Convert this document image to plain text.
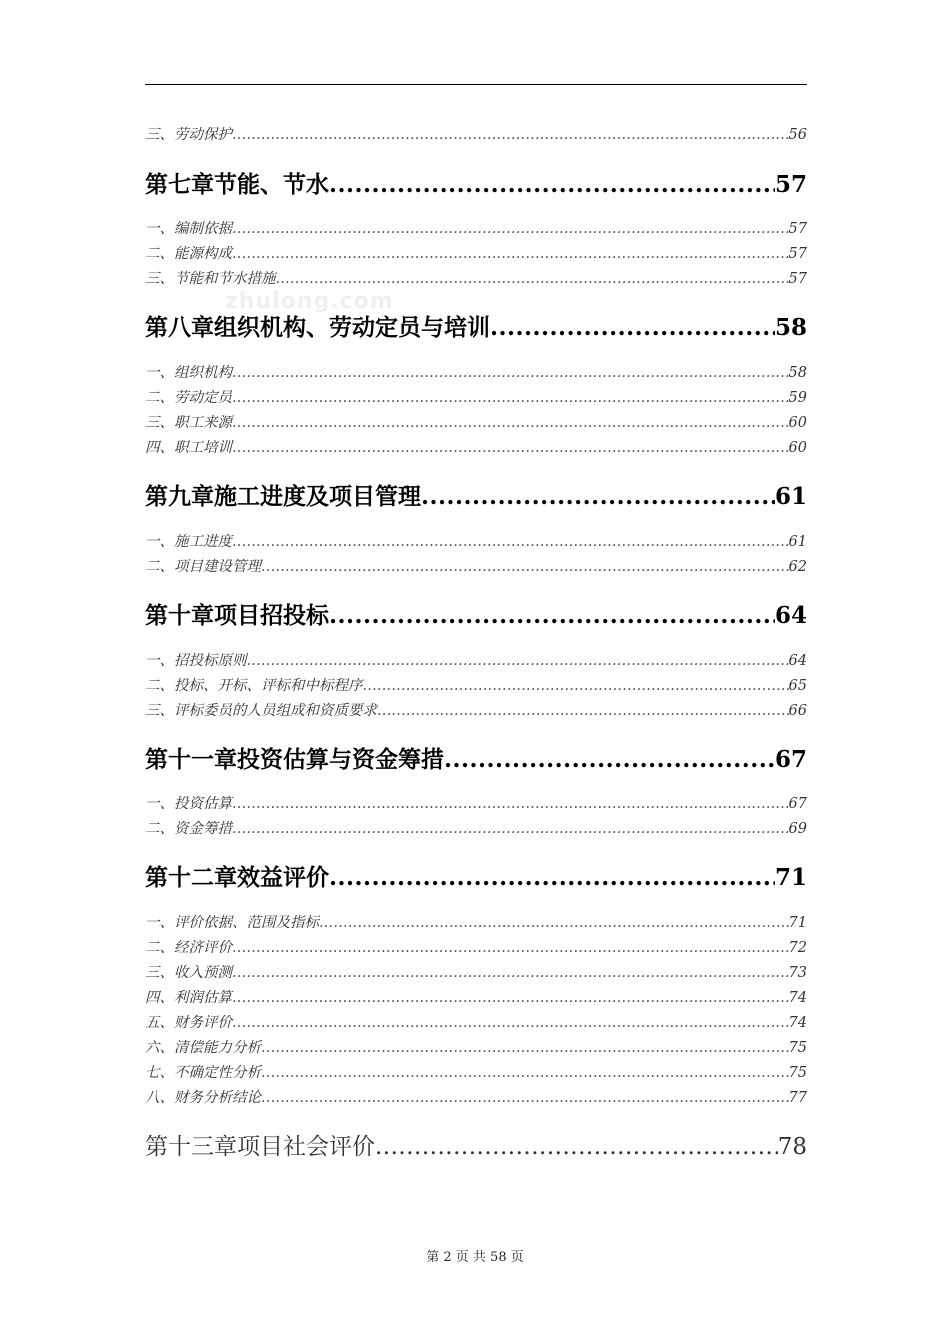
zhulong.com
三、劳动保护 .....	56
第七章节能、节水 .....	57
一、编制依据 .....	57
二、能源构成 .....	57
三、节能和节水措施 .....	57
第八章组织机构、劳动定员与培训 .....	58
一、组织机构 .....	58
二、劳动定员 .....	59
三、职工来源 .....	60
四、职工培训 .....	60
第九章施工进度及项目管理 .....	61
一、施工进度 .....	61
二、项目建设管理 .....	62
第十章项目招投标 .....	64
一、招投标原则 .....	64
二、投标、开标、评标和中标程序 .....	65
三、评标委员的人员组成和资质要求 .....	66
第十一章投资估算与资金筹措 .....	67
一、投资估算 .....	67
二、资金筹措 .....	69
第十二章效益评价 .....	71
一、评价依据、范围及指标 .....	71
二、经济评价 .....	72
三、收入预测 .....	73
四、利润估算 .....	74
五、财务评价 .....	74
六、清偿能力分析 .....	75
七、不确定性分析 .....	75
八、财务分析结论 .....	77
第十三章项目社会评价 .....	78
第 2 页 共 58 页
